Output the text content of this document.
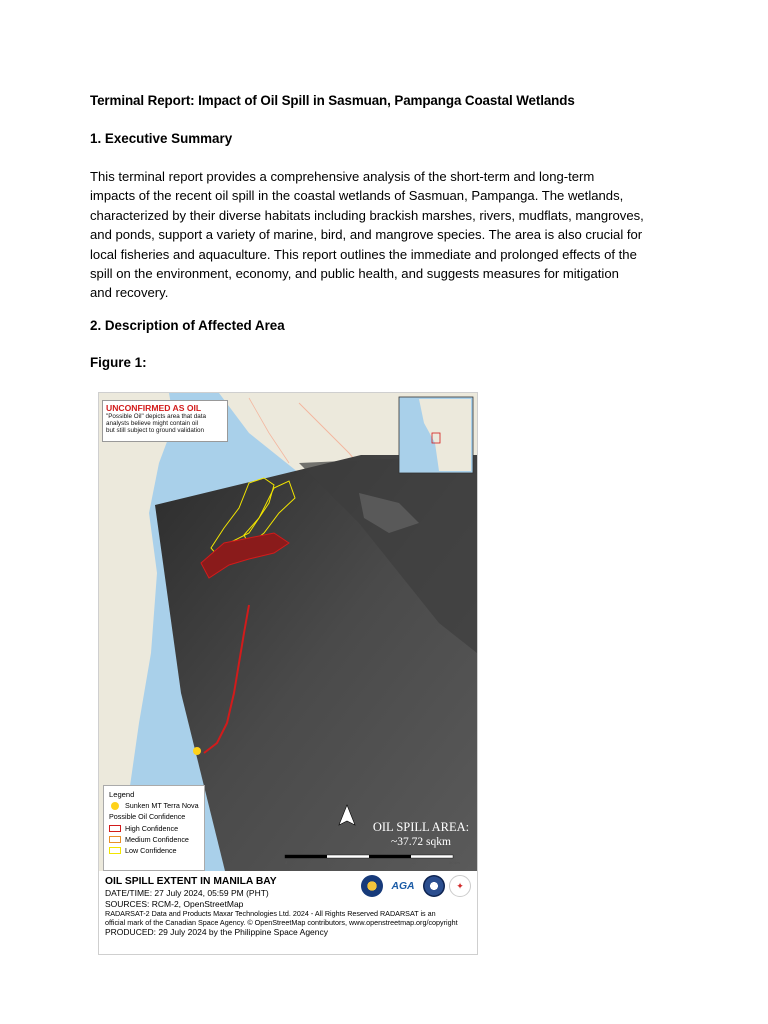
Terminal Report: Impact of Oil Spill in Sasmuan, Pampanga Coastal Wetlands
1. Executive Summary
This terminal report provides a comprehensive analysis of the short-term and long-term
impacts of the recent oil spill in the coastal wetlands of Sasmuan, Pampanga. The wetlands,
characterized by their diverse habitats including brackish marshes, rivers, mudflats, mangroves,
and ponds, support a variety of marine, bird, and mangrove species. The area is also crucial for
local fisheries and aquaculture. This report outlines the immediate and prolonged effects of the
spill on the environment, economy, and public health, and suggests measures for mitigation
and recovery.
2. Description of Affected Area
Figure 1:
0	5	10	15	20 km
UNCONFIRMED AS OIL
"Possible Oil" depicts area that data
analysts believe might contain oil
but still subject to ground validation
Legend
Sunken MT Terra Nova
Possible Oil Confidence
High Confidence
Medium Confidence
Low Confidence
OIL SPILL AREA:
~37.72 sqkm
OIL SPILL EXTENT IN MANILA BAY
DATE/TIME: 27 July 2024, 05:59 PM (PHT)
SOURCES: RCM-2, OpenStreetMap
RADARSAT-2 Data and Products Maxar Technologies Ltd. 2024 - All Rights Reserved RADARSAT is an
official mark of the Canadian Space Agency. © OpenStreetMap contributors, www.openstreetmap.org/copyright
PRODUCED: 29 July 2024 by the Philippine Space Agency
AGA	✦
